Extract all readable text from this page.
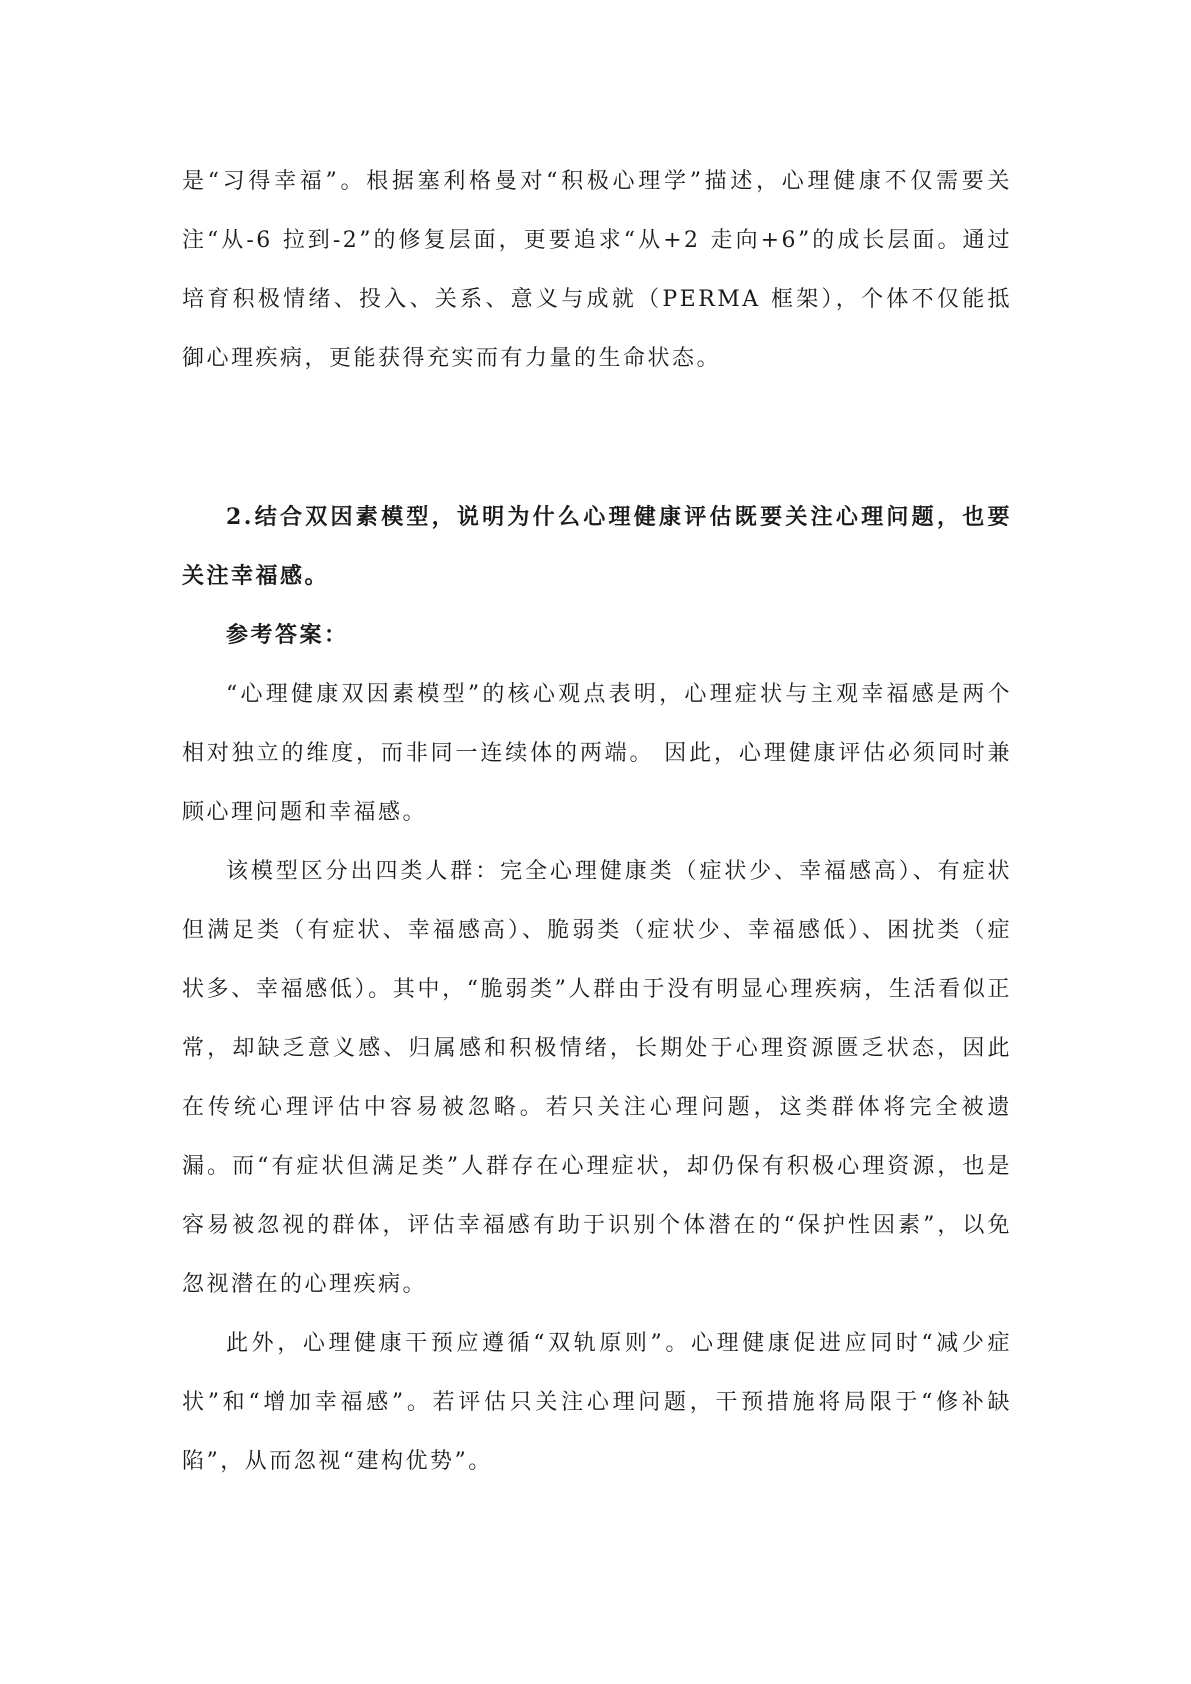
是“习得幸福”。根据塞利格曼对“积极心理学”描述，心理健康不仅需要关注“从-6 拉到-2”的修复层面，更要追求“从+2 走向+6”的成长层面。通过培育积极情绪、投入、关系、意义与成就（PERMA 框架），个体不仅能抵御心理疾病，更能获得充实而有力量的生命状态。

2.结合双因素模型，说明为什么心理健康评估既要关注心理问题，也要关注幸福感。

参考答案：

“心理健康双因素模型”的核心观点表明，心理症状与主观幸福感是两个相对独立的维度，而非同一连续体的两端。 因此，心理健康评估必须同时兼顾心理问题和幸福感。

该模型区分出四类人群：完全心理健康类（症状少、幸福感高）、有症状但满足类（有症状、幸福感高）、脆弱类（症状少、幸福感低）、困扰类（症状多、幸福感低）。其中，“脆弱类”人群由于没有明显心理疾病，生活看似正常，却缺乏意义感、归属感和积极情绪，长期处于心理资源匮乏状态，因此在传统心理评估中容易被忽略。若只关注心理问题，这类群体将完全被遗漏。而“有症状但满足类”人群存在心理症状，却仍保有积极心理资源，也是容易被忽视的群体，评估幸福感有助于识别个体潜在的“保护性因素”，以免忽视潜在的心理疾病。

此外，心理健康干预应遵循“双轨原则”。心理健康促进应同时“减少症状”和“增加幸福感”。若评估只关注心理问题，干预措施将局限于“修补缺陷”，从而忽视“建构优势”。
